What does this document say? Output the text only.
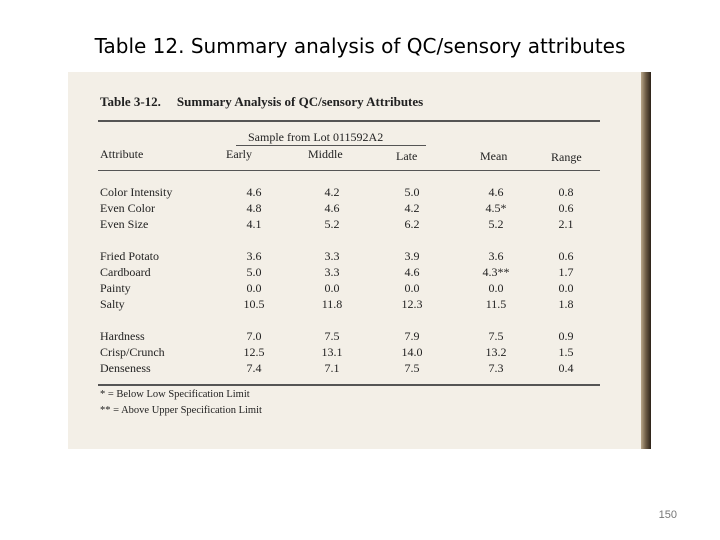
Table 12. Summary analysis of QC/sensory attributes
Table 3-12. Summary Analysis of QC/sensory Attributes
Sample from Lot 011592A2
Attribute	Early	Middle	Late	Mean	Range
Color Intensity	4.6	4.2	5.0	4.6	0.8
Even Color	4.8	4.6	4.2	4.5*	0.6
Even Size	4.1	5.2	6.2	5.2	2.1
Fried Potato	3.6	3.3	3.9	3.6	0.6
Cardboard	5.0	3.3	4.6	4.3**	1.7
Painty	0.0	0.0	0.0	0.0	0.0
Salty	10.5	11.8	12.3	11.5	1.8
Hardness	7.0	7.5	7.9	7.5	0.9
Crisp/Crunch	12.5	13.1	14.0	13.2	1.5
Denseness	7.4	7.1	7.5	7.3	0.4
* = Below Low Specification Limit
** = Above Upper Specification Limit
150
